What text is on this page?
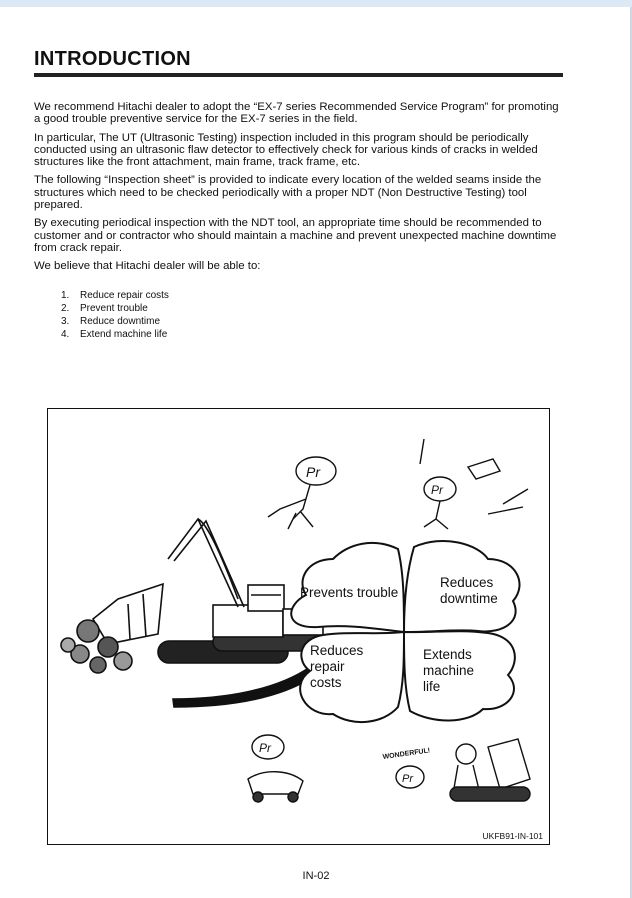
INTRODUCTION

We recommend Hitachi dealer to adopt the “EX-7 series Recommended Service Program” for promoting a good trouble preventive service for the EX-7 series in the field.

In particular, The UT (Ultrasonic Testing) inspection included in this program should be periodically conducted using an ultrasonic flaw detector to effectively check for various kinds of cracks in welded structures like the front attachment, main frame, track frame, etc.

The following “Inspection sheet” is provided to indicate every location of the welded seams inside the structures which need to be checked periodically with a proper NDT (Non Destructive Testing) tool prepared.

By executing periodical inspection with the NDT tool, an appropriate time should be recommended to customer and or contractor who should maintain a machine and prevent unexpected machine downtime from crack repair.

We believe that Hitachi dealer will be able to:

1.	Reduce repair costs
2.	Prevent trouble
3.	Reduce downtime
4.	Extend machine life
Prevents trouble
Reduces
downtime
Reduces
repair
costs
Extends
machine
life
Pr
Pr
Pr	WONDERFUL!
Pr
UKFB91-IN-101
IN-02
